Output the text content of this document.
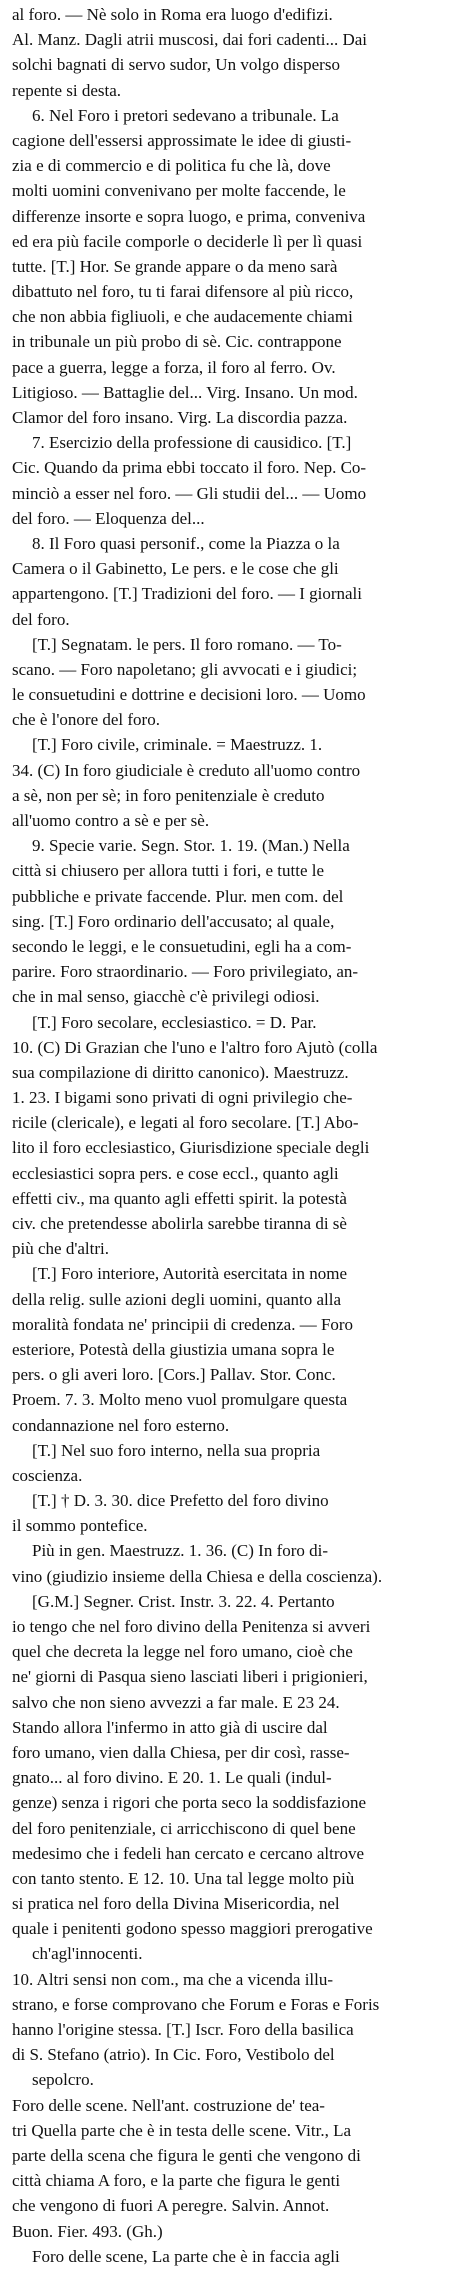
al foro. — Nè solo in Roma era luogo d'edifizi.
Al. Manz. Dagli atrii muscosi, dai fori cadenti... Dai
solchi bagnati di servo sudor, Un volgo disperso
repente si desta.
6. Nel Foro i pretori sedevano a tribunale. La
cagione dell'essersi approssimate le idee di giusti-
zia e di commercio e di politica fu che là, dove
molti uomini convenivano per molte faccende, le
differenze insorte e sopra luogo, e prima, conveniva
ed era più facile comporle o deciderle lì per lì quasi
tutte. [T.] Hor. Se grande appare o da meno sarà
dibattuto nel foro, tu ti farai difensore al più ricco,
che non abbia figliuoli, e che audacemente chiami
in tribunale un più probo di sè. Cic. contrappone
pace a guerra, legge a forza, il foro al ferro. Ov.
Litigioso. — Battaglie del... Virg. Insano. Un mod.
Clamor del foro insano. Virg. La discordia pazza.
7. Esercizio della professione di causidico. [T.]
Cic. Quando da prima ebbi toccato il foro. Nep. Co-
minciò a esser nel foro. — Gli studii del... — Uomo
del foro. — Eloquenza del...
8. Il Foro quasi personif., come la Piazza o la
Camera o il Gabinetto, Le pers. e le cose che gli
appartengono. [T.] Tradizioni del foro. — I giornali
del foro.
[T.] Segnatam. le pers. Il foro romano. — To-
scano. — Foro napoletano; gli avvocati e i giudici;
le consuetudini e dottrine e decisioni loro. — Uomo
che è l'onore del foro.
[T.] Foro civile, criminale. = Maestruzz. 1.
34. (C) In foro giudiciale è creduto all'uomo contro
a sè, non per sè; in foro penitenziale è creduto
all'uomo contro a sè e per sè.
9. Specie varie. Segn. Stor. 1. 19. (Man.) Nella
città si chiusero per allora tutti i fori, e tutte le
pubbliche e private faccende. Plur. men com. del
sing. [T.] Foro ordinario dell'accusato; al quale,
secondo le leggi, e le consuetudini, egli ha a com-
parire. Foro straordinario. — Foro privilegiato, an-
che in mal senso, giacchè c'è privilegi odiosi.
[T.] Foro secolare, ecclesiastico. = D. Par.
10. (C) Di Grazian che l'uno e l'altro foro Ajutò (colla
sua compilazione di diritto canonico). Maestruzz.
1. 23. I bigami sono privati di ogni privilegio che-
ricile (clericale), e legati al foro secolare. [T.] Abo-
lito il foro ecclesiastico, Giurisdizione speciale degli
ecclesiastici sopra pers. e cose eccl., quanto agli
effetti civ., ma quanto agli effetti spirit. la potestà
civ. che pretendesse abolirla sarebbe tiranna di sè
più che d'altri.
[T.] Foro interiore, Autorità esercitata in nome
della relig. sulle azioni degli uomini, quanto alla
moralità fondata ne' principii di credenza. — Foro
esteriore, Potestà della giustizia umana sopra le
pers. o gli averi loro. [Cors.] Pallav. Stor. Conc.
Proem. 7. 3. Molto meno vuol promulgare questa
condannazione nel foro esterno.
[T.] Nel suo foro interno, nella sua propria
coscienza.
[T.] † D. 3. 30. dice Prefetto del foro divino
il sommo pontefice.
Più in gen. Maestruzz. 1. 36. (C) In foro di-
vino (giudizio insieme della Chiesa e della coscienza).
[G.M.] Segner. Crist. Instr. 3. 22. 4. Pertanto
io tengo che nel foro divino della Penitenza si avveri
quel che decreta la legge nel foro umano, cioè che
ne' giorni di Pasqua sieno lasciati liberi i prigionieri,
salvo che non sieno avvezzi a far male. E 23 24.
Stando allora l'infermo in atto già di uscire dal
foro umano, vien dalla Chiesa, per dir così, rasse-
gnato... al foro divino. E 20. 1. Le quali (indul-
genze) senza i rigori che porta seco la soddisfazione
del foro penitenziale, ci arricchiscono di quel bene
medesimo che i fedeli han cercato e cercano altrove
con tanto stento. E 12. 10. Una tal legge molto più
si pratica nel foro della Divina Misericordia, nel
quale i penitenti godono spesso maggiori prerogative
ch'agl'innocenti.
10. Altri sensi non com., ma che a vicenda illu-
strano, e forse comprovano che Forum e Foras e Foris
hanno l'origine stessa. [T.] Iscr. Foro della basilica
di S. Stefano (atrio). In Cic. Foro, Vestibolo del
sepolcro.
Foro delle scene. Nell'ant. costruzione de' tea-
tri Quella parte che è in testa delle scene. Vitr., La
parte della scena che figura le genti che vengono di
città chiama A foro, e la parte che figura le genti
che vengono di fuori A peregre. Salvin. Annot.
Buon. Fier. 493. (Gh.)
Foro delle scene, La parte che è in faccia agli
